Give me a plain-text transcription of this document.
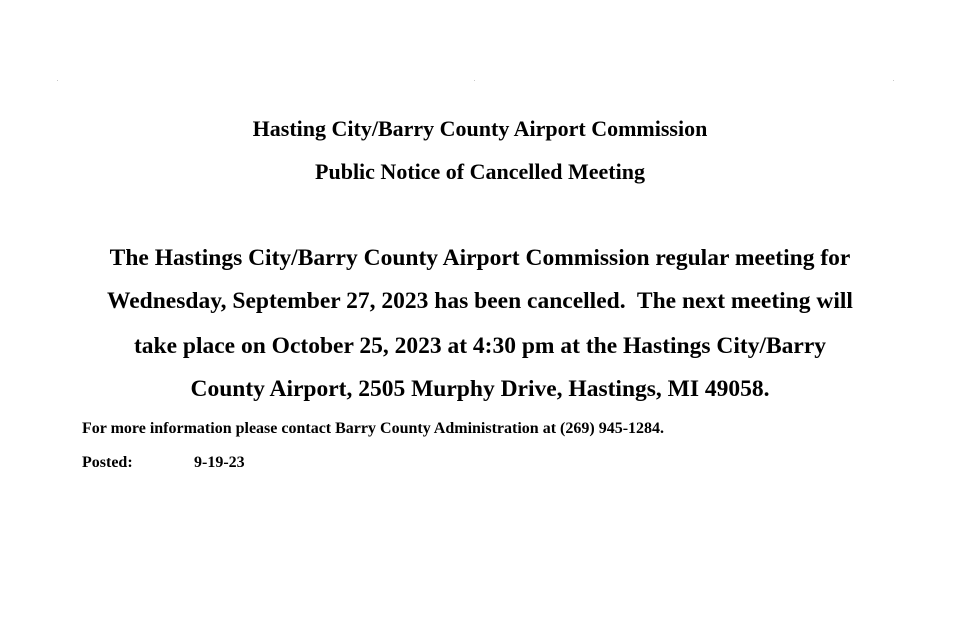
Hasting City/Barry County Airport Commission
Public Notice of Cancelled Meeting
The Hastings City/Barry County Airport Commission regular meeting for
Wednesday, September 27, 2023 has been cancelled.  The next meeting will
take place on October 25, 2023 at 4:30 pm at the Hastings City/Barry
County Airport, 2505 Murphy Drive, Hastings, MI 49058.
For more information please contact Barry County Administration at (269) 945-1284.
Posted:	9-19-23
